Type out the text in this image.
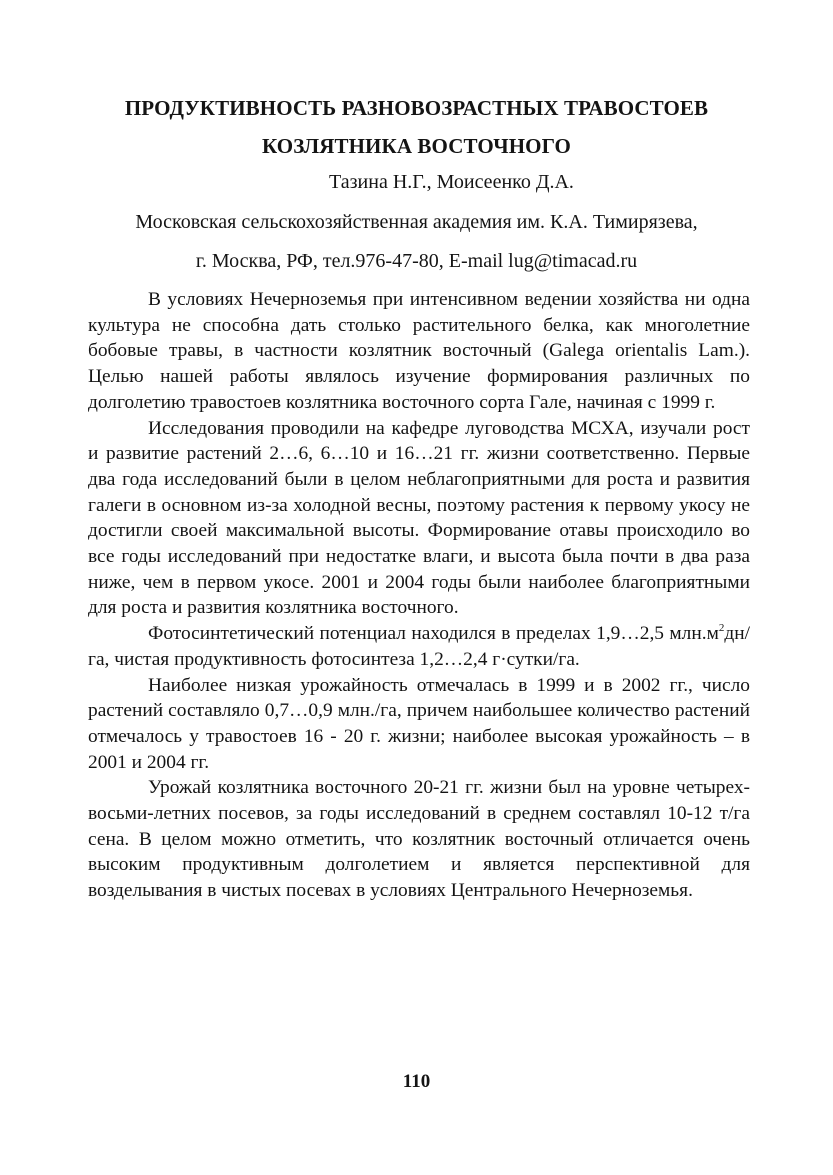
ПРОДУКТИВНОСТЬ РАЗНОВОЗРАСТНЫХ ТРАВОСТОЕВ
КОЗЛЯТНИКА ВОСТОЧНОГО
Тазина Н.Г., Моисеенко Д.А.
Московская сельскохозяйственная академия им. К.А. Тимирязева,
г. Москва, РФ, тел.976-47-80, E-mail lug@timacad.ru

В условиях Нечерноземья при интенсивном ведении хозяйства ни одна культура не способна дать столько растительного белка, как многолетние бобовые травы, в частности козлятник восточный (Galega orientalis Lam.). Целью нашей работы являлось изучение формирования различных по долголетию травостоев козлятника восточного сорта Гале, начиная с 1999 г.

Исследования проводили на кафедре луговодства МСХА, изучали рост и развитие растений 2…6, 6…10 и 16…21 гг. жизни соответственно. Первые два года исследований были в целом неблагоприятными для роста и развития галеги в основном из-за холодной весны, поэтому растения к первому укосу не достигли своей максимальной высоты. Формирование отавы происходило во все годы исследований при недостатке влаги, и высота была почти в два раза ниже, чем в первом укосе. 2001 и 2004 годы были наиболее благоприятными для роста и развития козлятника восточного.

Фотосинтетический потенциал находился в пределах 1,9…2,5 $млн.м^2дн/га$, чистая продуктивность фотосинтеза 1,2…2,4 г·сутки/га.

Наиболее низкая урожайность отмечалась в 1999 и в 2002 гг., число растений составляло 0,7…0,9 млн./га, причем наибольшее количество растений отмечалось у травостоев 16 - 20 г. жизни; наиболее высокая урожайность – в 2001 и 2004 гг.

Урожай козлятника восточного 20-21 гг. жизни был на уровне четырех-восьми-летних посевов, за годы исследований в среднем составлял 10-12 т/га сена. В целом можно отметить, что козлятник восточный отличается очень высоким продуктивным долголетием и является перспективной для возделывания в чистых посевах в условиях Центрального Нечерноземья.

110
